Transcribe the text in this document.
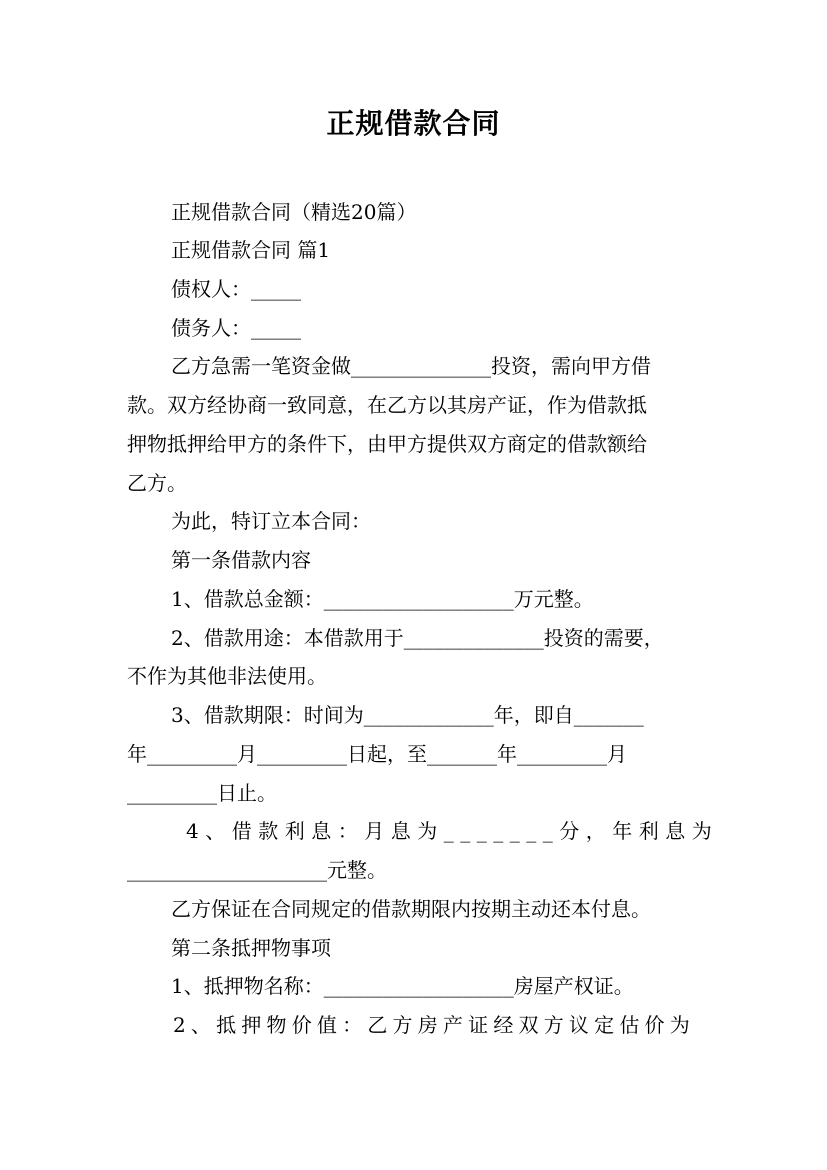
正规借款合同
正规借款合同（精选20篇）
正规借款合同 篇1
债权人：_____
债务人：_____
乙方急需一笔资金做______________投资，需向甲方借
款。双方经协商一致同意，在乙方以其房产证，作为借款抵
押物抵押给甲方的条件下，由甲方提供双方商定的借款额给
乙方。
为此，特订立本合同：
第一条借款内容
1、借款总金额：___________________万元整。
2、借款用途：本借款用于______________投资的需要，
不作为其他非法使用。
3、借款期限：时间为_____________年，即自_______
年_________月_________日起，至_______年_________月
_________日止。
4、借款利息：月息为_______分，年利息为
____________________元整。
乙方保证在合同规定的借款期限内按期主动还本付息。
第二条抵押物事项
1、抵押物名称：___________________房屋产权证。
2、抵押物价值：乙方房产证经双方议定估价为
